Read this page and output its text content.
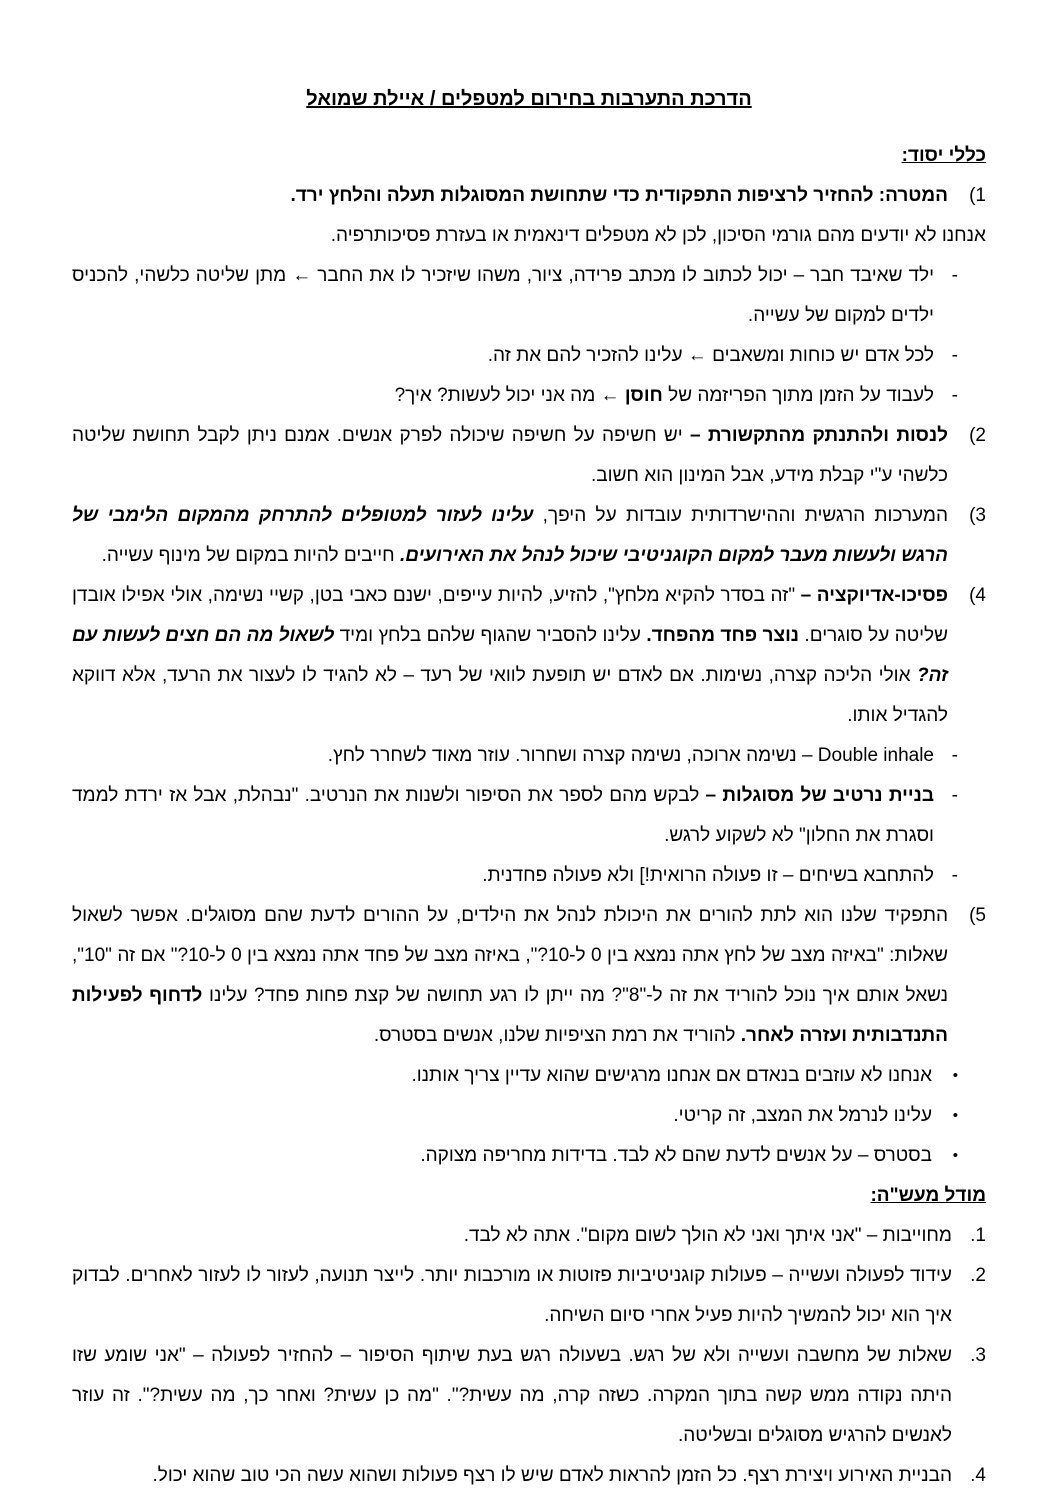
הדרכת התערבות בחירום למטפלים / איילת שמואל
כללי יסוד:
1)
המטרה: להחזיר לרציפות התפקודית כדי שתחושת המסוגלות תעלה והלחץ ירד.
אנחנו לא יודעים מהם גורמי הסיכון, לכן לא מטפלים דינאמית או בעזרת פסיכותרפיה.
-
ילד שאיבד חבר – יכול לכתוב לו מכתב פרידה, ציור, משהו שיזכיר לו את החבר ← מתן שליטה כלשהי, להכניס ילדים למקום של עשייה.
-
לכל אדם יש כוחות ומשאבים ← עלינו להזכיר להם את זה.
-
לעבוד על הזמן מתוך הפריזמה של חוסן ← מה אני יכול לעשות? איך?
2)
לנסות ולהתנתק מהתקשורת – יש חשיפה על חשיפה שיכולה לפרק אנשים. אמנם ניתן לקבל תחושת שליטה כלשהי ע"י קבלת מידע, אבל המינון הוא חשוב.
3)
המערכות הרגשית וההישרדותית עובדות על היפך, עלינו לעזור למטופלים להתרחק מהמקום הלימבי של הרגש ולעשות מעבר למקום הקוגניטיבי שיכול לנהל את האירועים. חייבים להיות במקום של מינוף עשייה.
4)
פסיכו-אדיוקציה – "זה בסדר להקיא מלחץ", להזיע, להיות עייפים, ישנם כאבי בטן, קשיי נשימה, אולי אפילו אובדן שליטה על סוגרים. נוצר פחד מהפחד. עלינו להסביר שהגוף שלהם בלחץ ומיד לשאול מה הם חצים לעשות עם זה? אולי הליכה קצרה, נשימות. אם לאדם יש תופעת לוואי של רעד – לא להגיד לו לעצור את הרעד, אלא דווקא להגדיל אותו.
-
Double inhale – נשימה ארוכה, נשימה קצרה ושחרור. עוזר מאוד לשחרר לחץ.
-
בניית נרטיב של מסוגלות – לבקש מהם לספר את הסיפור ולשנות את הנרטיב. "נבהלת, אבל אז ירדת לממד וסגרת את החלון" לא לשקוע לרגש.
-
להתחבא בשיחים – זו פעולה הרואית!] ולא פעולה פחדנית.
5)
התפקיד שלנו הוא לתת להורים את היכולת לנהל את הילדים, על ההורים לדעת שהם מסוגלים. אפשר לשאול שאלות: "באיזה מצב של לחץ אתה נמצא בין 0 ל-10?", באיזה מצב של פחד אתה נמצא בין 0 ל-10?" אם זה "10", נשאל אותם איך נוכל להוריד את זה ל-"8"? מה ייתן לו רגע תחושה של קצת פחות פחד? עלינו לדחוף לפעילות התנדבותית ועזרה לאחר. להוריד את רמת הציפיות שלנו, אנשים בסטרס.
•
אנחנו לא עוזבים בנאדם אם אנחנו מרגישים שהוא עדיין צריך אותנו.
•
עלינו לנרמל את המצב, זה קריטי.
•
בסטרס – על אנשים לדעת שהם לא לבד. בדידות מחריפה מצוקה.
מודל מעש"ה:
1.
מחוייבות – "אני איתך ואני לא הולך לשום מקום". אתה לא לבד.
2.
עידוד לפעולה ועשייה – פעולות קוגניטיביות פזוטות או מורכבות יותר. לייצר תנועה, לעזור לו לעזור לאחרים. לבדוק איך הוא יכול להמשיך להיות פעיל אחרי סיום השיחה.
3.
שאלות של מחשבה ועשייה ולא של רגש. בשעולה רגש בעת שיתוף הסיפור – להחזיר לפעולה – "אני שומע שזו היתה נקודה ממש קשה בתוך המקרה. כשזה קרה, מה עשית?". "מה כן עשית? ואחר כך, מה עשית?". זה עוזר לאנשים להרגיש מסוגלים ובשליטה.
4.
הבניית האירוע ויצירת רצף. כל הזמן להראות לאדם שיש לו רצף פעולות ושהוא עשה הכי טוב שהוא יכול.
